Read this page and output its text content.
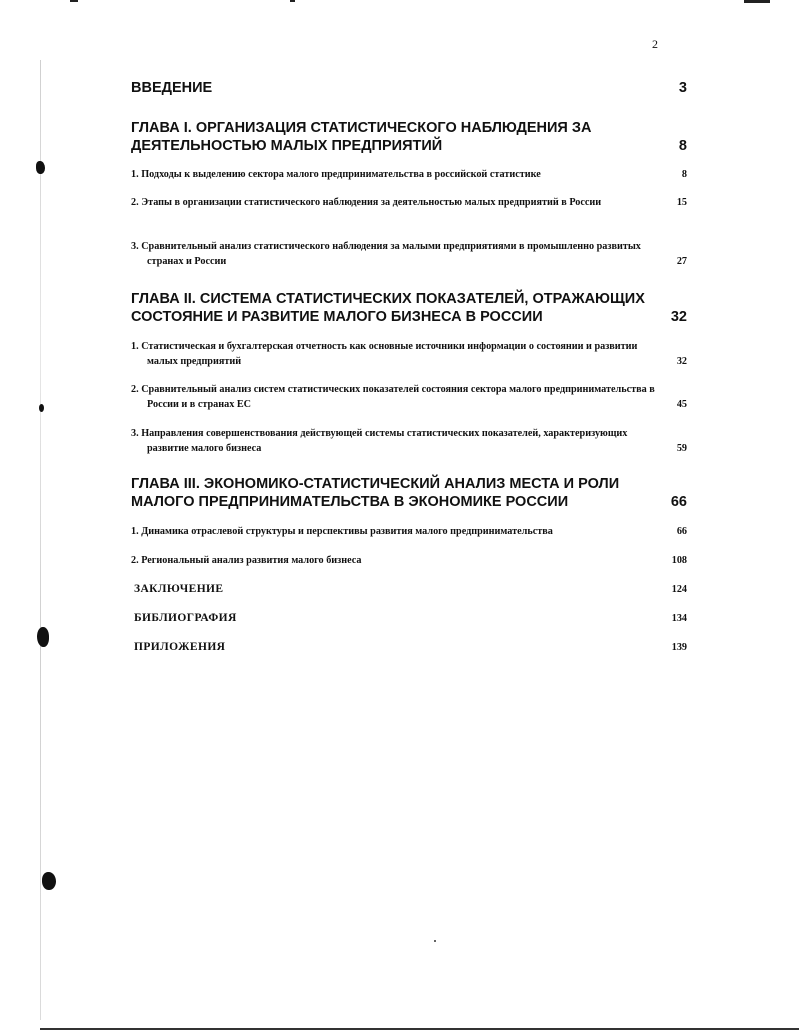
2
ВВЕДЕНИЕ	3
ГЛАВА I. ОРГАНИЗАЦИЯ СТАТИСТИЧЕСКОГО НАБЛЮДЕНИЯ ЗА ДЕЯТЕЛЬНОСТЬЮ МАЛЫХ ПРЕДПРИЯТИЙ	8
1. Подходы к выделению сектора малого предпринимательства в российской статистике	8
2. Этапы в организации статистического наблюдения за деятельностью малых предприятий в России	15
3. Сравнительный анализ статистического наблюдения за малыми предприятиями в промышленно развитых странах и России	27
ГЛАВА II. СИСТЕМА СТАТИСТИЧЕСКИХ ПОКАЗАТЕЛЕЙ, ОТРАЖАЮЩИХ СОСТОЯНИЕ И РАЗВИТИЕ МАЛОГО БИЗНЕСА В РОССИИ	32
1. Статистическая и бухгалтерская отчетность как основные источники информации о состоянии и развитии малых предприятий	32
2. Сравнительный анализ систем статистических показателей состояния сектора малого предпринимательства в России и в странах ЕС	45
3. Направления совершенствования действующей системы статистических показателей, характеризующих развитие малого бизнеса	59
ГЛАВА III. ЭКОНОМИКО-СТАТИСТИЧЕСКИЙ АНАЛИЗ МЕСТА И РОЛИ МАЛОГО ПРЕДПРИНИМАТЕЛЬСТВА В ЭКОНОМИКЕ РОССИИ	66
1. Динамика отраслевой структуры и перспективы развития малого предпринимательства	66
2. Региональный анализ развития малого бизнеса	108
ЗАКЛЮЧЕНИЕ	124
БИБЛИОГРАФИЯ	134
ПРИЛОЖЕНИЯ	139
